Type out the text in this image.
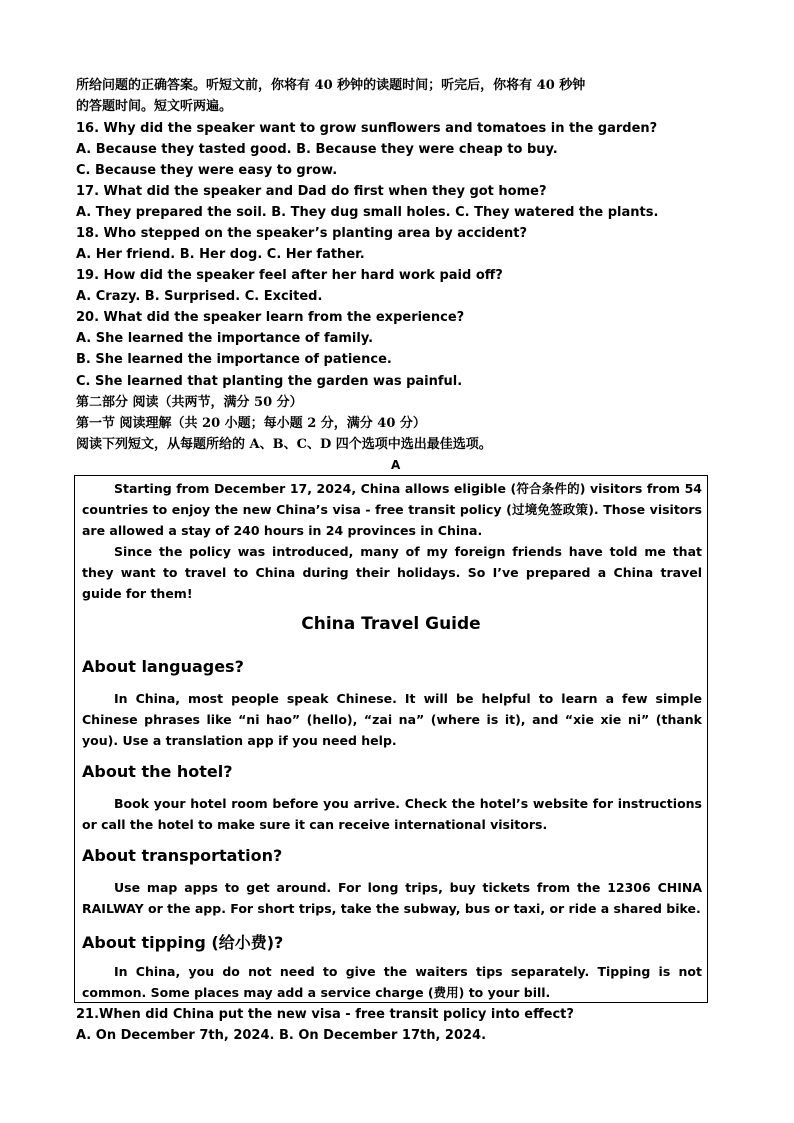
所给问题的正确答案。听短文前，你将有 40 秒钟的读题时间；听完后，你将有 40 秒钟
的答题时间。短文听两遍。
16. Why did the speaker want to grow sunflowers and tomatoes in the garden?
A. Because they tasted good. B. Because they were cheap to buy.
C. Because they were easy to grow.
17. What did the speaker and Dad do first when they got home?
A. They prepared the soil. B. They dug small holes. C. They watered the plants.
18. Who stepped on the speaker’s planting area by accident?
A. Her friend. B. Her dog. C. Her father.
19. How did the speaker feel after her hard work paid off?
A. Crazy. B. Surprised. C. Excited.
20. What did the speaker learn from the experience?
A. She learned the importance of family.
B. She learned the importance of patience.
C. She learned that planting the garden was painful.
第二部分 阅读（共两节，满分 50 分）
第一节 阅读理解（共 20 小题；每小题 2 分，满分 40 分）
阅读下列短文，从每题所给的 A、B、C、D 四个选项中选出最佳选项。
A
Starting from December 17, 2024, China allows eligible (符合条件的) visitors from 54 countries to enjoy the new China’s visa - free transit policy (过境免签政策). Those visitors are allowed a stay of 240 hours in 24 provinces in China.
Since the policy was introduced, many of my foreign friends have told me that they want to travel to China during their holidays. So I’ve prepared a China travel guide for them!
China Travel Guide
About languages?
In China, most people speak Chinese. It will be helpful to learn a few simple Chinese phrases like “ni hao” (hello), “zai na” (where is it), and “xie xie ni” (thank you). Use a translation app if you need help.
About the hotel?
Book your hotel room before you arrive. Check the hotel’s website for instructions or call the hotel to make sure it can receive international visitors.
About transportation?
Use map apps to get around. For long trips, buy tickets from the 12306 CHINA RAILWAY or the app. For short trips, take the subway, bus or taxi, or ride a shared bike.
About tipping (给小费)?
In China, you do not need to give the waiters tips separately. Tipping is not common. Some places may add a service charge (费用) to your bill.
21.When did China put the new visa - free transit policy into effect?
A. On December 7th, 2024. B. On December 17th, 2024.
